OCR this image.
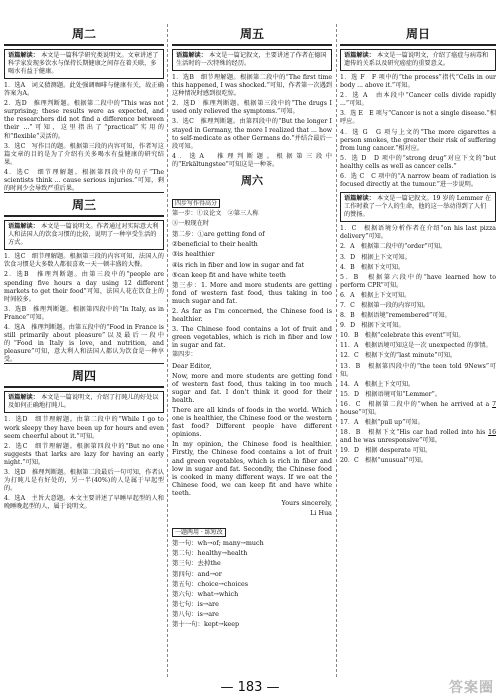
周二
语篇解读： 本文是一篇科学研究类说明文。文章讲述了科学家发现多饮水与保持长期健康之间存在着关联，多喝水有益于健康。

1．选A　词义猜测题。此处强调咖啡与健康有关，故正确答案为A。

2．选D　推理判断题。根据第二段中的“This was not surprising; these results were as expected, and the researchers did not find a difference between their ...”可知，这里指出了“practical”实用的和“flexible”灵活的。

3．选C　写作目的题。根据第三段的内容可知，作者写这篇文章的目的是为了介绍有关多喝水有益健康的研究结果。

4．选C　细节理解题。根据第四段中的句子“The scientists think ... cause serious injuries.”可知，剩的时间少会导致严重后果。

周三
语篇解读： 本文是一篇说明文。作者通过对实际意大利人和法国人的饮食习惯的比较，说明了一种享受生活的方式。

1．选C　细节理解题。根据第三段的内容可知，法国人的饮食习惯是大多数人都很喜欢一天一顿丰盛的大餐。

2．选B　推理判断题。由第三段中的“people are spending five hours a day using 12 different markets to get their food”可知，法国人花在饮食上的时间较多。

3．选B　推理判断题。根据第四段中的“In Italy, as in France”可知。

4．选A　推理判断题。由第五段中的“Food in France is still primarily about pleasure”以及最后一段中的“Food in Italy is love, and nutrition, and pleasure”可知，意大利人和法国人都认为饮食是一种享受。

周四
语篇解读： 本文是一篇说明文，介绍了打盹儿的好处以及如何正确地打盹儿。

1．选D　细节理解题。由第二段中的“While I go to work sleepy they have been up for hours and even seem cheerful about it.”可知。

2．选C　细节理解题。根据第四段中的“But no one suggests that larks are lazy for having an early night.”可知。

3．选D　推理判断题。根据第二段最后一句可知，作者认为打盹儿是有好处的，另一半(40%)的人是属于早起型的。

4．选A　主旨大意题。本文主要讲述了早睡早起型的人和晚睡晚起型的人，属于说明文。

周五
语篇解读： 本文是一篇记叙文，主要讲述了作者在德国生活时的一次特殊的经历。

1．选B　细节理解题。根据第二段中的“The first time this happened, I was shocked.”可知，作者第一次遇到这种情况时感到很吃惊。

2．选D　推理判断题。根据第三段中的“The drugs I used only relieved the symptoms.”可知。

3．选C　推理判断题。由第四段中的“But the longer I stayed in Germany, the more I realized that ... how to self-medicate as other Germans do.”并结合最后一段可知。

4．选A　推理判断题。根据第三段中的“Erkältungstee”可知这是一种茶。

周六
四步写作得高分

第一步：①议论文　②第三人称

③一般现在时

第二步：①are getting fond of

②beneficial to their health

③is healthier

④is rich in fiber and low in sugar and fat

⑤can keep fit and have white teeth

第三步：1. More and more students are getting fond of western fast food, thus taking in too much sugar and fat.

2. As far as I'm concerned, the Chinese food is healthier.

3. The Chinese food contains a lot of fruit and green vegetables, which is rich in fiber and low in sugar and fat.

第四步：

Dear Editor,

Now, more and more students are getting fond of western fast food, thus taking in too much sugar and fat. I don't think it good for their health.

There are all kinds of foods in the world. Which one is healthier, the Chinese food or the western fast food? Different people have different opinions.

In my opinion, the Chinese food is healthier. Firstly, the Chinese food contains a lot of fruit and green vegetables, which is rich in fiber and low in sugar and fat. Secondly, the Chinese food is cooked in many different ways. If we eat the Chinese food, we can keep fit and have white teeth.

Yours sincerely,

Li Hua

一题两用 · 练短改

第一句：wh→of; many→much

第二句：healthy→health

第三句：去掉the

第四句：and→or

第五句：choice→choices

第六句：what→which

第七句：is→are

第八句：is→are

第十一句：kept→keep

周日
语篇解读： 本文是一篇说明文，介绍了癌症与病毒和遗传的关系以及研究癌症的重要意义。

1．选 F　F 项中的“the process”指代“Cells in our body ... above it.”可知。

2．选 A　由本段中“Cancer cells divide rapidly ...”可知。

3．选 E　E 项与“Cancer is not a single disease.”相呼应。

4．选 G　G 项与上文的“The more cigarettes a person smokes, the greater their risk of suffering from lung cancer.”相对应。

5．选 D　D 项中的“strong drug”对应下文的“but healthy cells as well as cancer cells.”

6．选 C　C 项中的“A narrow beam of radiation is focused directly at the tumour.”进一步说明。

语篇解读： 本文是一篇记叙文。19 岁的 Lemmer 在工作时救了一个人的生命，他的这一举动得到了人们的赞扬。

1．C　根据语境分析作者在介绍“on his last pizza delivery”可知。

2．A　根据第二段中的“order”可知。

3．D　根据上下文可知。

4．B　根据下文可知。

5．B　根据第六段中的“have learned how to perform CPR”可知。

6．A　根据上下文可知。

7．C　根据第一段的内容可知。

8．B　根据语境“remembered”可知。

9．D　根据下文可知。

10．B　根据“celebrate this event”可知。

11．A　根据语境可知这是一次 unexpected 的事情。

12．C　根据下文的“last minute”可知。

13．B　根据第四段中的“the teen told 9News”可知。

14．A　根据上下文可知。

15．D　根据语境可知“Lemmer”。

16．C　根据第二段中的“when he arrived at a 7 house”可知。

17．A　根据“pull up”可知。

18．B　根据下文“His car had rolled into his 16 and he was unresponsive”可知。

19．D　根据 desperate 可知。

20．C　根据“unusual”可知。

— 183 —	答案圈
